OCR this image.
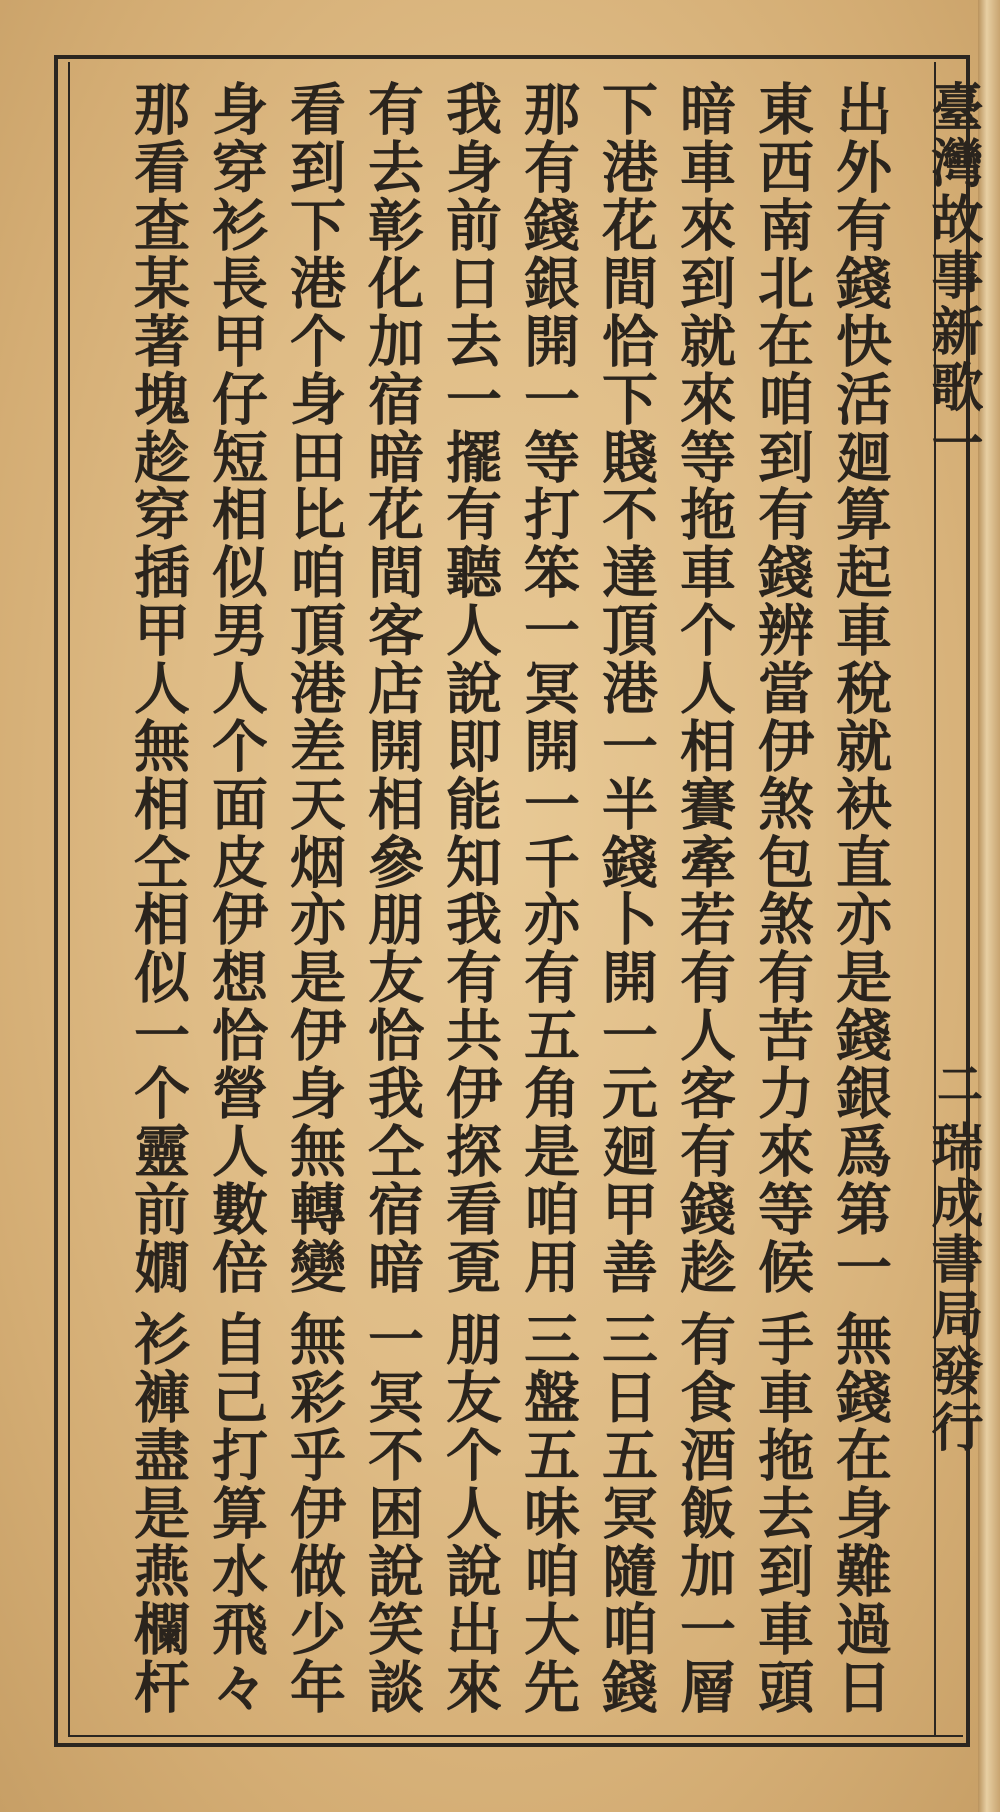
臺灣故事新歌一
二
瑞成書局發行
出外有錢快活廻
算起車稅就袂直
亦是錢銀爲第一
無錢在身難過日
東西南北在咱到
有錢辨當伊煞包
煞有苦力來等候
手車拖去到車頭
暗車來到就來等
拖車个人相賽牽
若有人客有錢趁
有食酒飯加一層
下港花間恰下賤
不達頂港一半錢
卜開一元廻甲善
三日五冥隨咱錢
那有錢銀開一等
打笨一冥開一千
亦有五角是咱用
三盤五味咱大先
我身前日去一擺
有聽人說即能知
我有共伊探看覔
朋友个人說出來
有去彰化加宿暗
花間客店開相參
朋友恰我仝宿暗
一冥不困說笑談
看到下港个身田
比咱頂港差天烟
亦是伊身無轉變
無彩乎伊做少年
身穿衫長甲仔短
相似男人个面皮
伊想恰營人數倍
自己打算水飛々
那看查某著塊趁
穿插甲人無相仝
相似一个靈前嫺
衫褲盡是燕欄杆
